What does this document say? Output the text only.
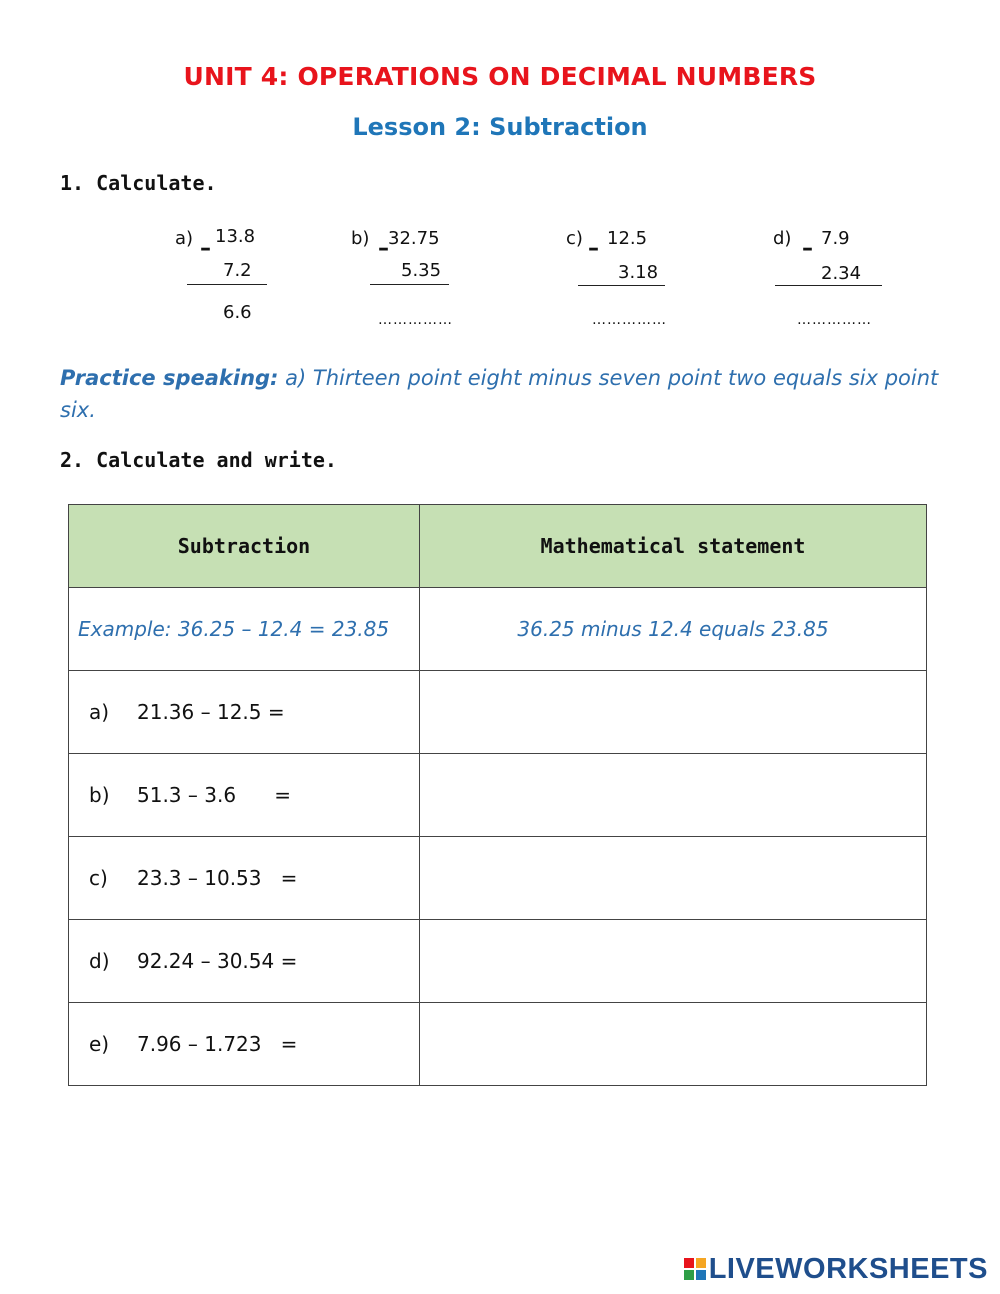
UNIT 4: OPERATIONS ON DECIMAL NUMBERS
Lesson 2: Subtraction
1. Calculate.
a) – 13.8
7.2
6.6
b) – 32.75
5.35
……………
c) – 12.5
3.18
……………
d) – 7.9
2.34
……………
Practice speaking: a) Thirteen point eight minus seven point two equals six point six.
2. Calculate and write.
Subtraction	Mathematical statement
Example: 36.25 – 12.4 = 23.85	36.25 minus 12.4 equals 23.85
a) 21.36 – 12.5 =	
b) 51.3 – 3.6      =	
c) 23.3 – 10.53   =	
d) 92.24 – 30.54 =	
e) 7.96 – 1.723   =	
LIVEWORKSHEETS
